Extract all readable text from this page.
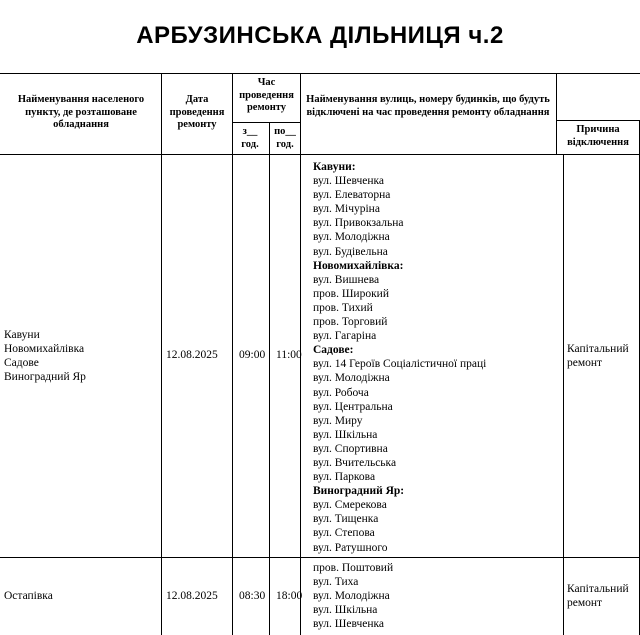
АРБУЗИНСЬКА ДІЛЬНИЦЯ ч.2
Найменування населеного пункту, де розташоване обладнання
Дата проведення ремонту
Час проведення ремонту
з__ год.
по__ год.
Найменування вулиць, номеру будинків, що будуть відключені на час проведення ремонту обладнання
Причина відключення
Кавуни
Новомихайлівка
Садове
Виноградний Яр
12.08.2025 09:00 11:00	Капітальний
ремонт
Кавуни:
вул. Шевченка
вул. Елеваторна
вул. Мічуріна
вул. Привокзальна
вул. Молодіжна
вул. Будівельна
Новомихайлівка:
вул. Вишнева
пров. Широкий
пров. Тихий
пров. Торговий
вул. Гагаріна
Садове:
вул. 14 Героїв Соціалістичної праці
вул. Молодіжна
вул. Робоча
вул. Центральна
вул. Миру
вул. Шкільна
вул. Спортивна
вул. Вчительська
вул. Паркова
Виноградний Яр:
вул. Смерекова
вул. Тищенка
вул. Степова
вул. Ратушного
Остапівка	12.08.2025 08:30 18:00
Капітальний
ремонт
пров. Поштовий
вул. Тиха
вул. Молодіжна
вул. Шкільна
вул. Шевченка
